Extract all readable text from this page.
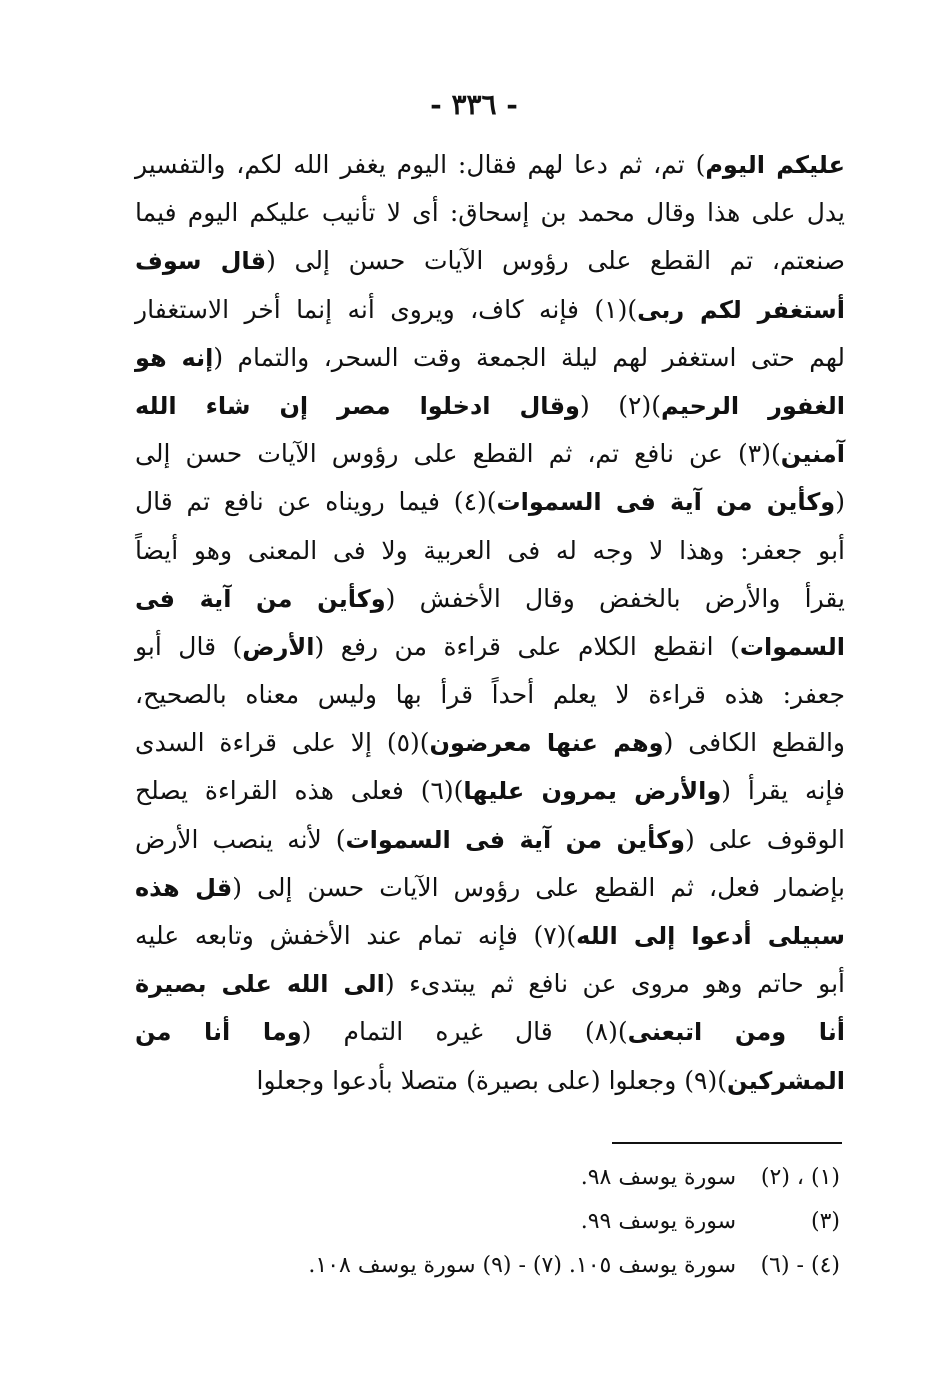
- ٣٣٦ -
عليكم اليوم) تم، ثم دعا لهم فقال: اليوم يغفر الله لكم، والتفسير
يدل على هذا وقال محمد بن إسحاق: أى لا تأنيب عليكم اليوم فيما
صنعتم، تم القطع على رؤوس الآيات حسن إلى (قال سوف
أستغفر لكم ربى)(١) فإنه كاف، ويروى أنه إنما أخر الاستغفار
لهم حتى استغفر لهم ليلة الجمعة وقت السحر، والتمام (إنه هو
الغفور الرحيم)(٢) (وقال ادخلوا مصر إن شاء الله
آمنين)(٣) عن نافع تم، ثم القطع على رؤوس الآيات حسن إلى
(وكأين من آية فى السموات)(٤) فيما رويناه عن نافع تم قال
أبو جعفر: وهذا لا وجه له فى العربية ولا فى المعنى وهو أيضاً
يقرأ والأرض بالخفض وقال الأخفش (وكأين من آية فى
السموات) انقطع الكلام على قراءة من رفع (الأرض) قال أبو
جعفر: هذه قراءة لا يعلم أحداً قرأ بها وليس معناه بالصحيح،
والقطع الكافى (وهم عنها معرضون)(٥) إلا على قراءة السدى
فإنه يقرأ (والأرض يمرون عليها)(٦) فعلى هذه القراءة يصلح
الوقوف على (وكأين من آية فى السموات) لأنه ينصب الأرض
بإضمار فعل، ثم القطع على رؤوس الآيات حسن إلى (قل هذه
سبيلى أدعوا إلى الله)(٧) فإنه تمام عند الأخفش وتابعه عليه
أبو حاتم وهو مروى عن نافع ثم يبتدىء (الى الله على بصيرة
أنا ومن اتبعنى)(٨) قال غيره التمام (وما أنا من
المشركين)(٩) وجعلوا (على بصيرة) متصلا بأدعوا وجعلوا
(١) ، (٢)  سورة يوسف ٩٨.
(٣)  سورة يوسف ٩٩.
(٤) - (٦)  سورة يوسف ١٠٥. (٧) - (٩) سورة يوسف ١٠٨.
